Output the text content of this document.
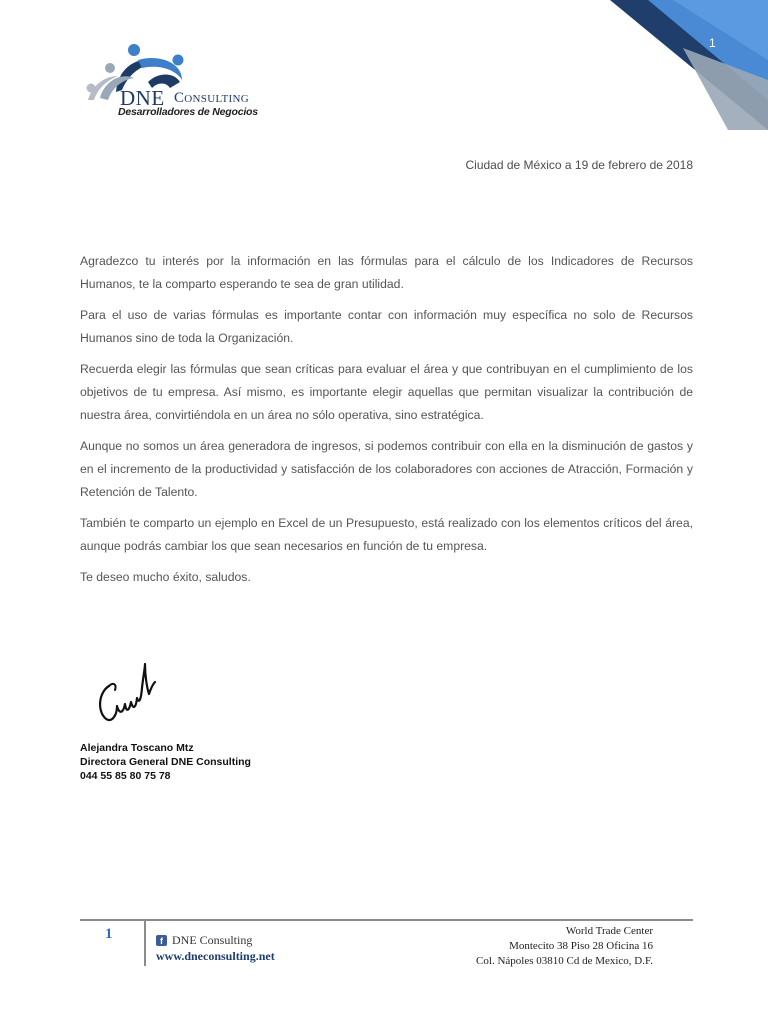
1
DNE Consulting
Desarrolladores de Negocios
Ciudad de México a 19 de febrero de 2018

Agradezco tu interés por la información en las fórmulas para el cálculo de los Indicadores de Recursos Humanos, te la comparto esperando te sea de gran utilidad.

Para el uso de varias fórmulas es importante contar con información muy específica no solo de Recursos Humanos sino de toda la Organización.

Recuerda elegir las fórmulas que sean críticas para evaluar el área y que contribuyan en el cumplimiento de los objetivos de tu empresa. Así mismo, es importante elegir aquellas que permitan visualizar la contribución de nuestra área, convirtiéndola en un área no sólo operativa, sino estratégica.

Aunque no somos un área generadora de ingresos, si podemos contribuir con ella en la disminución de gastos y en el incremento de la productividad y satisfacción de los colaboradores con acciones de Atracción, Formación y Retención de Talento.

También te comparto un ejemplo en Excel de un Presupuesto, está realizado con los elementos críticos del área, aunque podrás cambiar los que sean necesarios en función de tu empresa.

Te deseo mucho éxito, saludos.

Alejandra Toscano Mtz
Directora General DNE Consulting
044 55 85 80 75 78
1	f DNE Consulting
www.dneconsulting.net
World Trade Center
Montecito 38 Piso 28 Oficina 16
Col. Nápoles 03810 Cd de Mexico, D.F.
